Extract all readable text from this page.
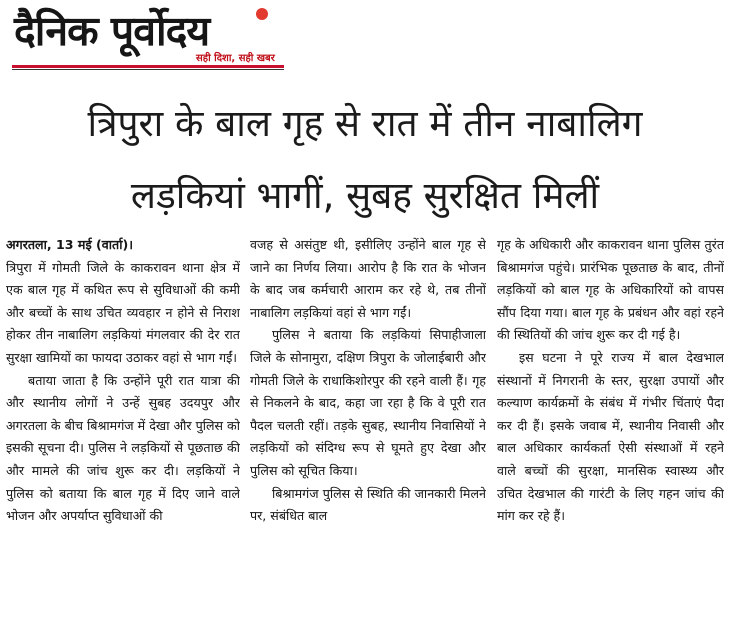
दैनिक पूर्वोदय
सही दिशा, सही खबर
त्रिपुरा के बाल गृह से रात में तीन नाबालिग
लड़कियां भागीं, सुबह सुरक्षित मिलीं

अगरतला, 13 मई (वार्ता)।

त्रिपुरा में गोमती जिले के काकरावन थाना क्षेत्र में एक बाल गृह में कथित रूप से सुविधाओं की कमी और बच्चों के साथ उचित व्यवहार न होने से निराश होकर तीन नाबालिग लड़कियां मंगलवार की देर रात सुरक्षा खामियों का फायदा उठाकर वहां से भाग गईं।

बताया जाता है कि उन्होंने पूरी रात यात्रा की और स्थानीय लोगों ने उन्हें सुबह उदयपुर और अगरतला के बीच बिश्रामगंज में देखा और पुलिस को इसकी सूचना दी। पुलिस ने लड़कियों से पूछताछ की और मामले की जांच शुरू कर दी। लड़कियों ने पुलिस को बताया कि बाल गृह में दिए जाने वाले भोजन और अपर्याप्त सुविधाओं की

वजह से असंतुष्ट थी, इसीलिए उन्होंने बाल गृह से जाने का निर्णय लिया। आरोप है कि रात के भोजन के बाद जब कर्मचारी आराम कर रहे थे, तब तीनों नाबालिग लड़कियां वहां से भाग गईं।

पुलिस ने बताया कि लड़कियां सिपाहीजाला जिले के सोनामुरा, दक्षिण त्रिपुरा के जोलाईबारी और गोमती जिले के राधाकिशोरपुर की रहने वाली हैं। गृह से निकलने के बाद, कहा जा रहा है कि वे पूरी रात पैदल चलती रहीं। तड़के सुबह, स्थानीय निवासियों ने लड़कियों को संदिग्ध रूप से घूमते हुए देखा और पुलिस को सूचित किया।

बिश्रामगंज पुलिस से स्थिति की जानकारी मिलने पर, संबंधित बाल

गृह के अधिकारी और काकरावन थाना पुलिस तुरंत बिश्रामगंज पहुंचे। प्रारंभिक पूछताछ के बाद, तीनों लड़कियों को बाल गृह के अधिकारियों को वापस सौंप दिया गया। बाल गृह के प्रबंधन और वहां रहने की स्थितियों की जांच शुरू कर दी गई है।

इस घटना ने पूरे राज्य में बाल देखभाल संस्थानों में निगरानी के स्तर, सुरक्षा उपायों और कल्याण कार्यक्रमों के संबंध में गंभीर चिंताएं पैदा कर दी हैं। इसके जवाब में, स्थानीय निवासी और बाल अधिकार कार्यकर्ता ऐसी संस्थाओं में रहने वाले बच्चों की सुरक्षा, मानसिक स्वास्थ्य और उचित देखभाल की गारंटी के लिए गहन जांच की मांग कर रहे हैं।
